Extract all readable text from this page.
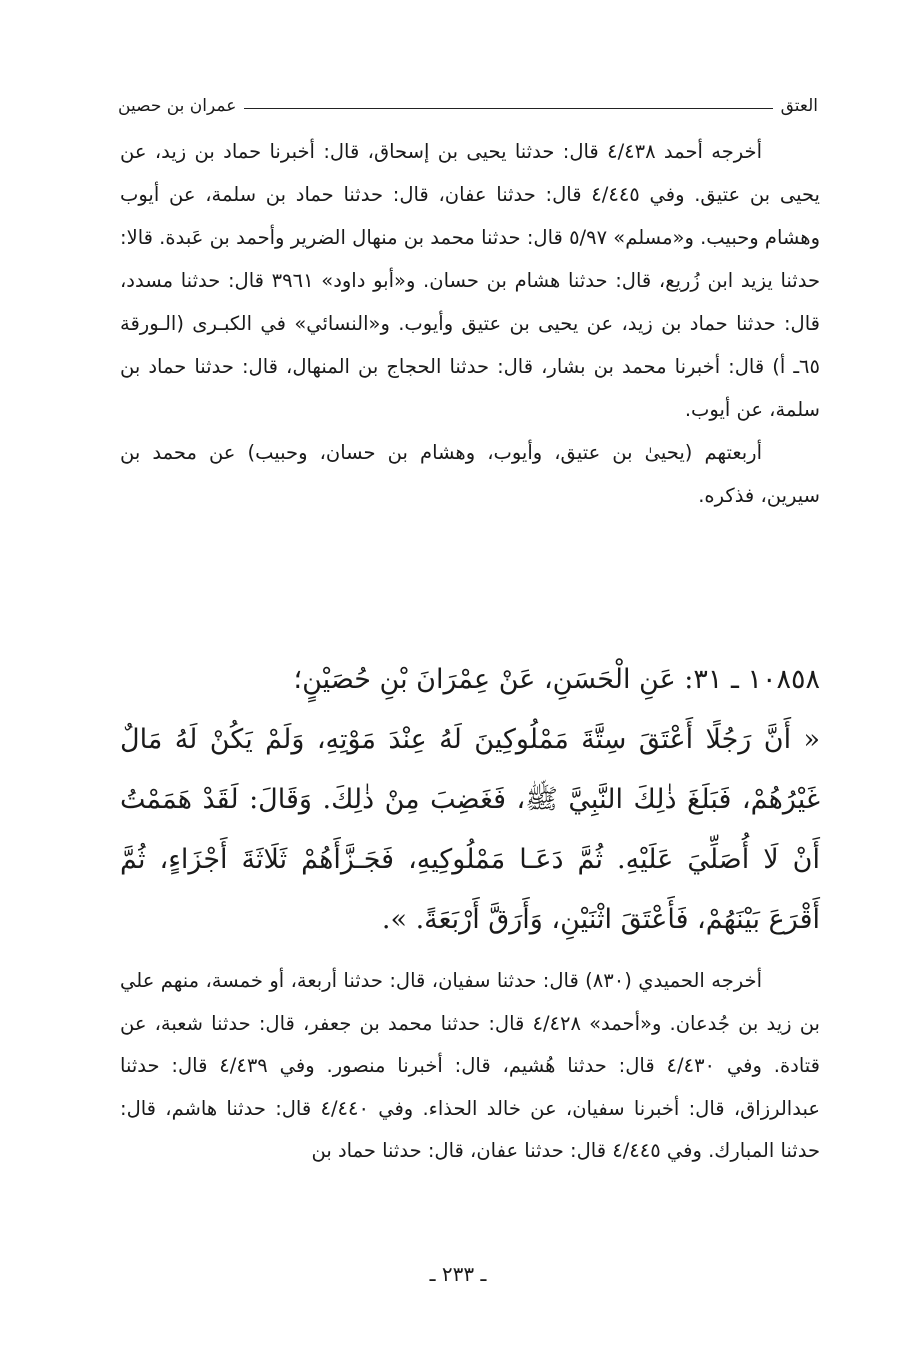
العتق
عمران بن حصين

أخرجه أحمد ٤/٤٣٨ قال: حدثنا يحيى بن إسحاق، قال: أخبرنا حماد بن زيد، عن يحيى بن عتيق. وفي ٤/٤٤٥ قال: حدثنا عفان، قال: حدثنا حماد بن سلمة، عن أيوب وهشام وحبيب. و«مسلم» ٥/٩٧ قال: حدثنا محمد بن منهال الضرير وأحمد بن عَبدة. قالا: حدثنا يزيد ابن زُريع، قال: حدثنا هشام بن حسان. و«أبو داود» ٣٩٦١ قال: حدثنا مسدد، قال: حدثنا حماد بن زيد، عن يحيى بن عتيق وأيوب. و«النسائي» في الكبـرى (الـورقة ٦٥ـ أ) قال: أخبرنا محمد بن بشار، قال: حدثنا الحجاج بن المنهال، قال: حدثنا حماد بن سلمة، عن أيوب.

أربعتهم (يحيىٰ بن عتيق، وأيوب، وهشام بن حسان، وحبيب) عن محمد بن سيرين، فذكره.

١٠٨٥٨ ـ ٣١: عَنِ الْحَسَنِ، عَنْ عِمْرَانَ بْنِ حُصَيْنٍ؛

« أَنَّ رَجُلًا أَعْتَقَ سِتَّةَ مَمْلُوكِينَ لَهُ عِنْدَ مَوْتِهِ، وَلَمْ يَكُنْ لَهُ مَالٌ غَيْرُهُمْ، فَبَلَغَ ذٰلِكَ النَّبِيَّ ﷺ، فَغَضِبَ مِنْ ذٰلِكَ. وَقَالَ: لَقَدْ هَمَمْتُ أَنْ لَا أُصَلِّيَ عَلَيْهِ. ثُمَّ دَعَـا مَمْلُوكِيهِ، فَجَـزَّأَهُمْ ثَلَاثَةَ أَجْزَاءٍ، ثُمَّ أَقْرَعَ بَيْنَهُمْ، فَأَعْتَقَ اثْنَيْنِ، وَأَرَقَّ أَرْبَعَةً. ».

أخرجه الحميدي (٨٣٠) قال: حدثنا سفيان، قال: حدثنا أربعة، أو خمسة، منهم علي بن زيد بن جُدعان. و«أحمد» ٤/٤٢٨ قال: حدثنا محمد بن جعفر، قال: حدثنا شعبة، عن قتادة. وفي ٤/٤٣٠ قال: حدثنا هُشيم، قال: أخبرنا منصور. وفي ٤/٤٣٩ قال: حدثنا عبدالرزاق، قال: أخبرنا سفيان، عن خالد الحذاء. وفي ٤/٤٤٠ قال: حدثنا هاشم، قال: حدثنا المبارك. وفي ٤/٤٤٥ قال: حدثنا عفان، قال: حدثنا حماد بن

ـ ٢٣٣ ـ
